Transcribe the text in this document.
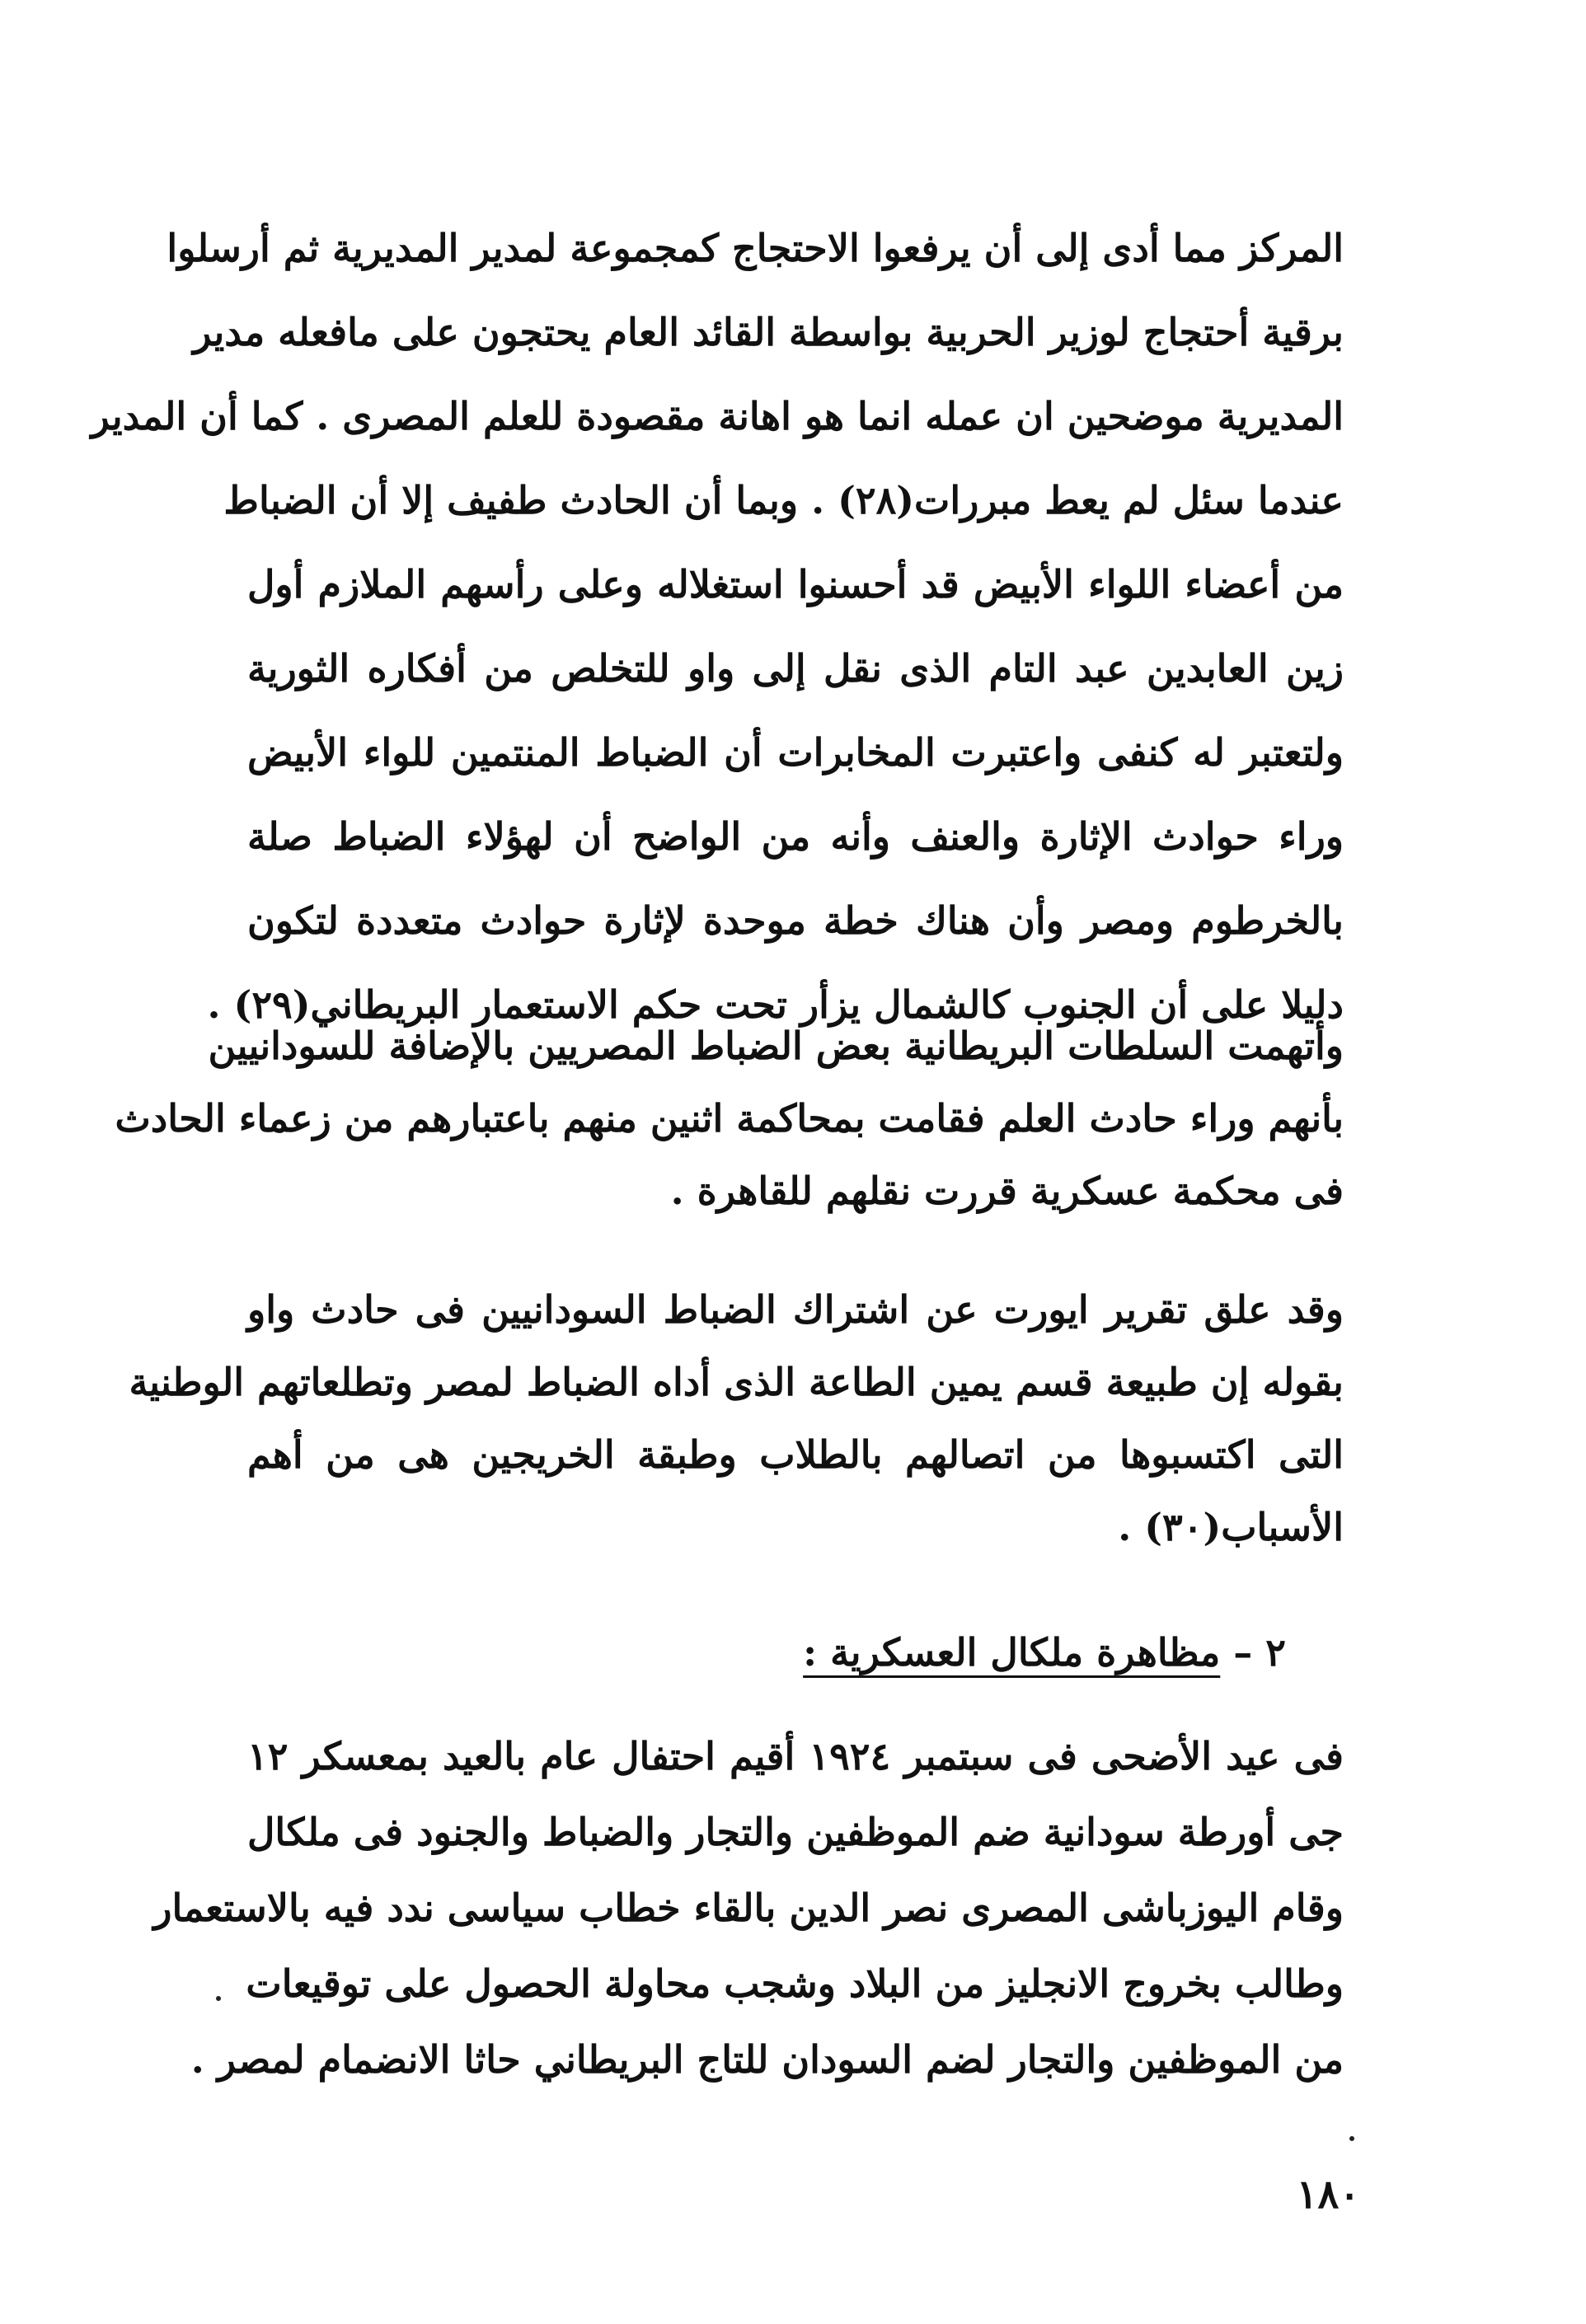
المركز مما أدى إلى أن يرفعوا الاحتجاج كمجموعة لمدير المديرية ثم أرسلوا
برقية أحتجاج لوزير الحربية بواسطة القائد العام يحتجون على مافعله مدير
المديرية موضحين ان عمله انما هو اهانة مقصودة للعلم المصرى . كما أن المدير
عندما سئل لم يعط مبررات(٢٨) . وبما أن الحادث طفيف إلا أن الضباط
من أعضاء اللواء الأبيض قد أحسنوا استغلاله وعلى رأسهم الملازم أول
زين العابدين عبد التام الذى نقل إلى واو للتخلص من أفكاره الثورية
ولتعتبر له كنفى واعتبرت المخابرات أن الضباط المنتمين للواء الأبيض
وراء حوادث الإثارة والعنف وأنه من الواضح أن لهؤلاء الضباط صلة
بالخرطوم ومصر وأن هناك خطة موحدة لإثارة حوادث متعددة لتكون
دليلا على أن الجنوب كالشمال يزأر تحت حكم الاستعمار البريطاني(٢٩) .
وأتهمت السلطات البريطانية بعض الضباط المصريين بالإضافة للسودانيين
بأنهم وراء حادث العلم فقامت بمحاكمة اثنين منهم باعتبارهم من زعماء الحادث
فى محكمة عسكرية قررت نقلهم للقاهرة .
وقد علق تقرير ايورت عن اشتراك الضباط السودانيين فى حادث واو
بقوله إن طبيعة قسم يمين الطاعة الذى أداه الضباط لمصر وتطلعاتهم الوطنية
التى اكتسبوها من اتصالهم بالطلاب وطبقة الخريجين هى من أهم
الأسباب(٣٠) .
٢ –مظاهرة ملكال العسكرية :
فى عيد الأضحى فى سبتمبر ١٩٢٤ أقيم احتفال عام بالعيد بمعسكر ١٢
جى أورطة سودانية ضم الموظفين والتجار والضباط والجنود فى ملكال
وقام اليوزباشى المصرى نصر الدين بالقاء خطاب سياسى ندد فيه بالاستعمار
وطالب بخروج الانجليز من البلاد وشجب محاولة الحصول على توقيعات
من الموظفين والتجار لضم السودان للتاج البريطاني حاثا الانضمام لمصر .
١٨٠
